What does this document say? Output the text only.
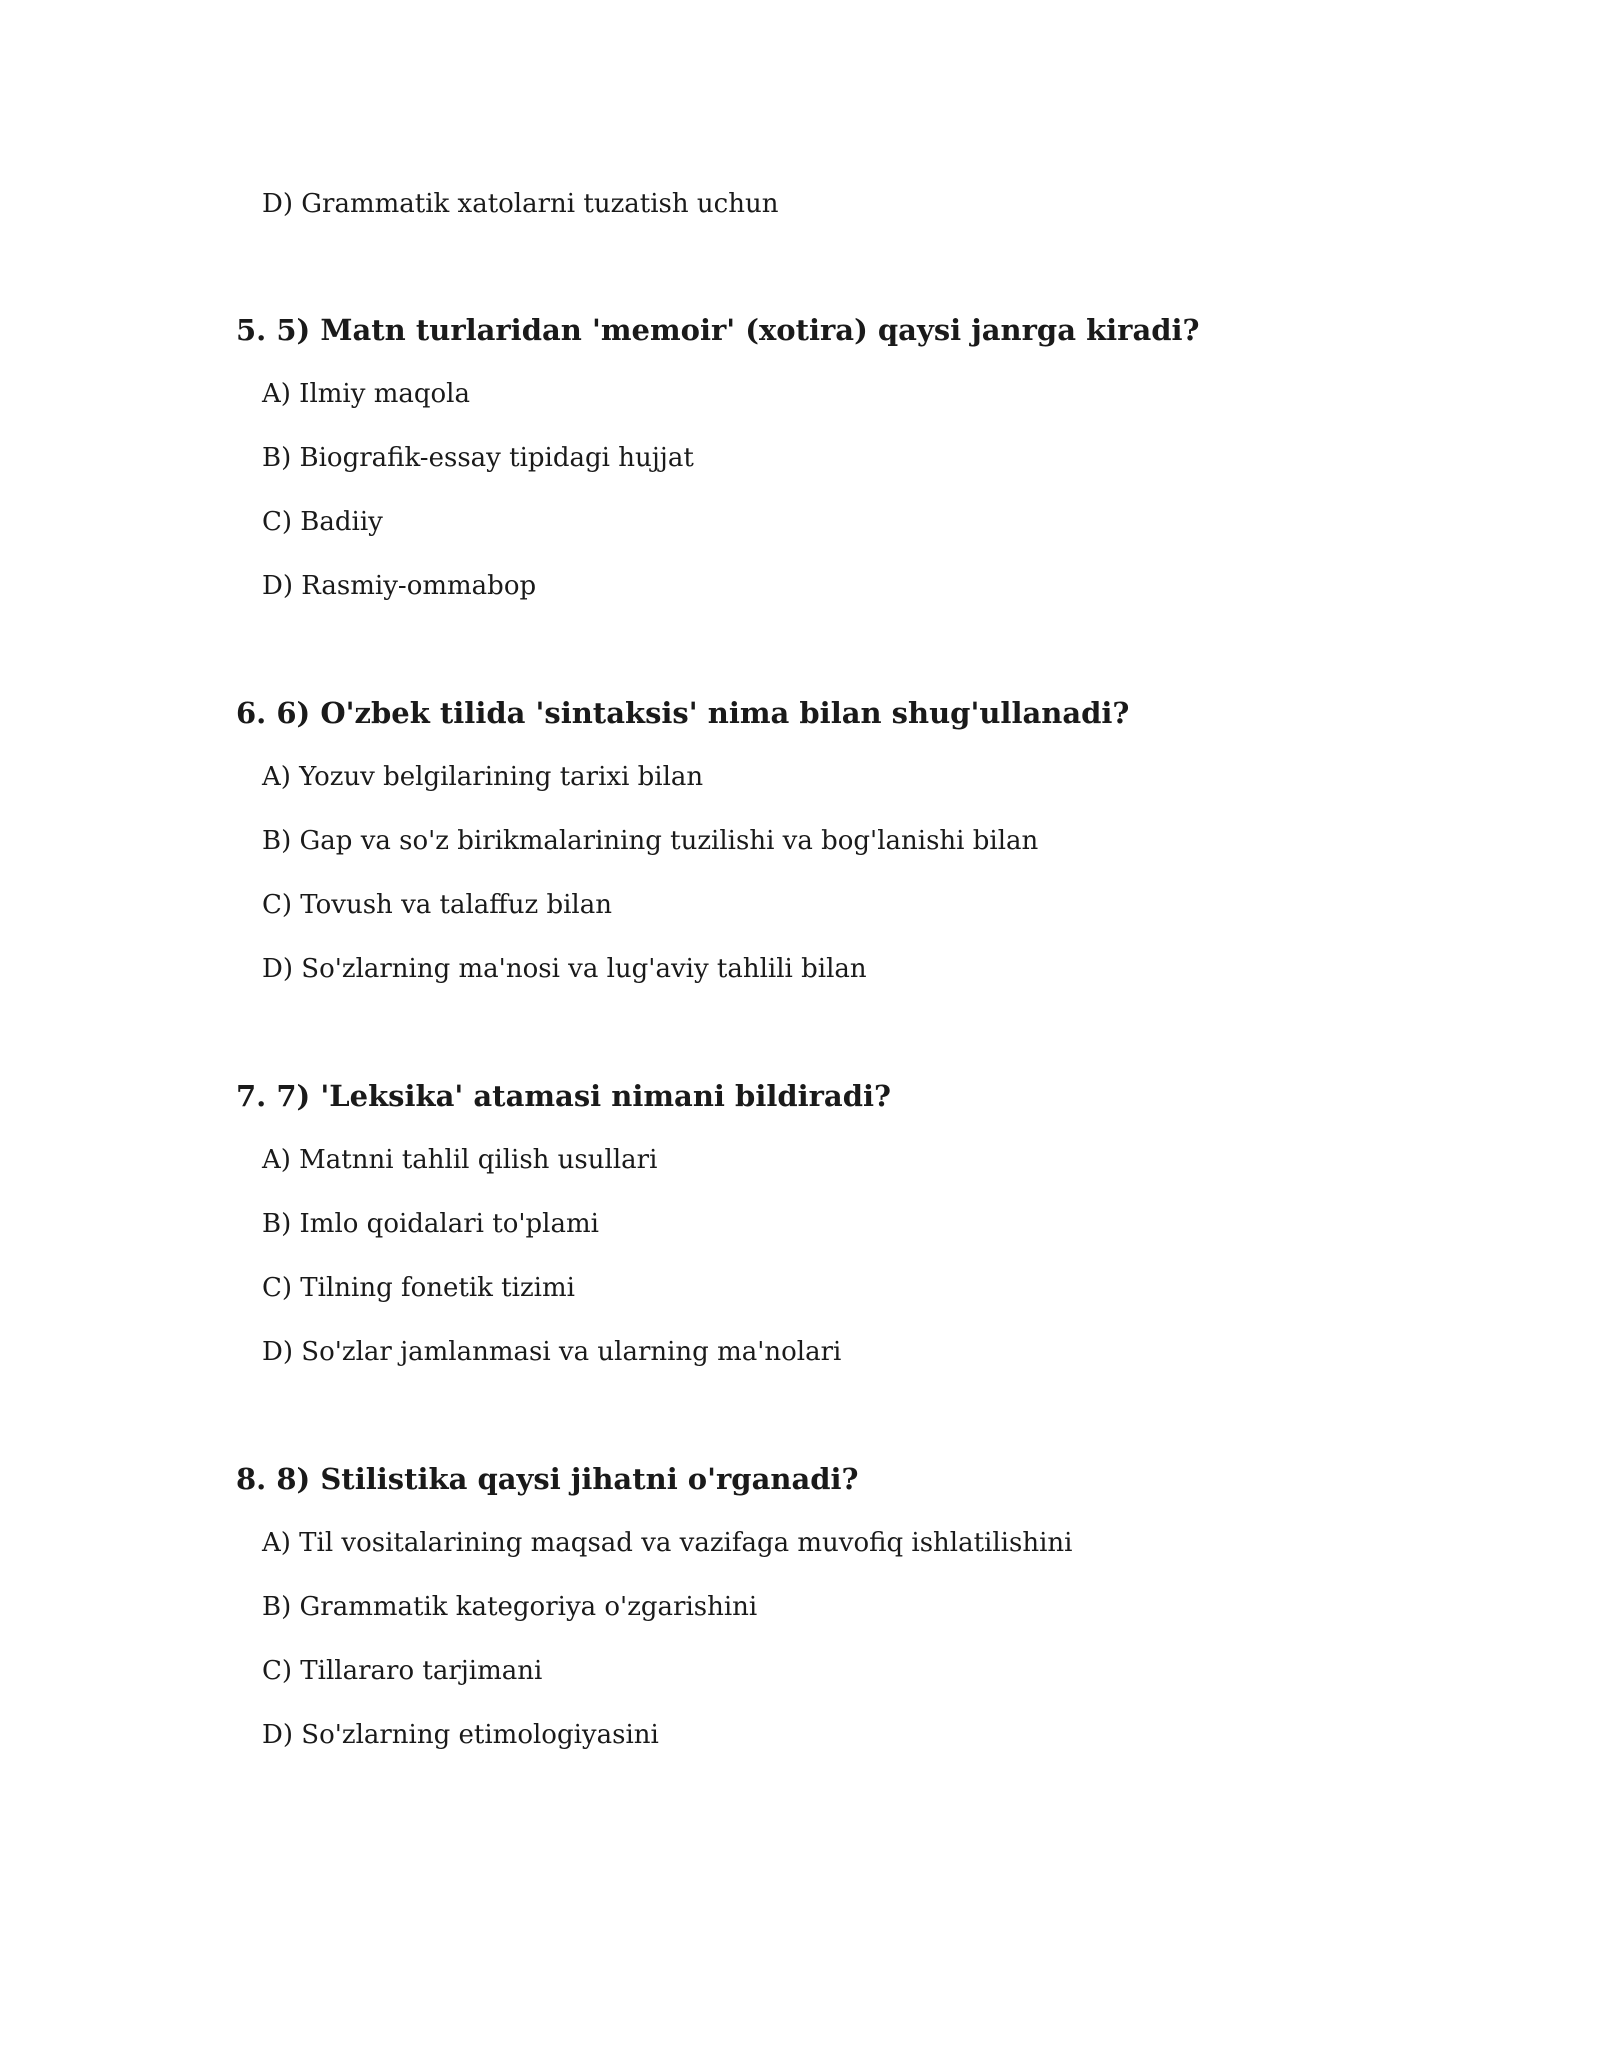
D) Grammatik xatolarni tuzatish uchun
5. 5) Matn turlaridan 'memoir' (xotira) qaysi janrga kiradi?
A) Ilmiy maqola
B) Biografik-essay tipidagi hujjat
C) Badiiy
D) Rasmiy-ommabop
6. 6) O'zbek tilida 'sintaksis' nima bilan shug'ullanadi?
A) Yozuv belgilarining tarixi bilan
B) Gap va so'z birikmalarining tuzilishi va bog'lanishi bilan
C) Tovush va talaffuz bilan
D) So'zlarning ma'nosi va lug'aviy tahlili bilan
7. 7) 'Leksika' atamasi nimani bildiradi?
A) Matnni tahlil qilish usullari
B) Imlo qoidalari to'plami
C) Tilning fonetik tizimi
D) So'zlar jamlanmasi va ularning ma'nolari
8. 8) Stilistika qaysi jihatni o'rganadi?
A) Til vositalarining maqsad va vazifaga muvofiq ishlatilishini
B) Grammatik kategoriya o'zgarishini
C) Tillararo tarjimani
D) So'zlarning etimologiyasini
